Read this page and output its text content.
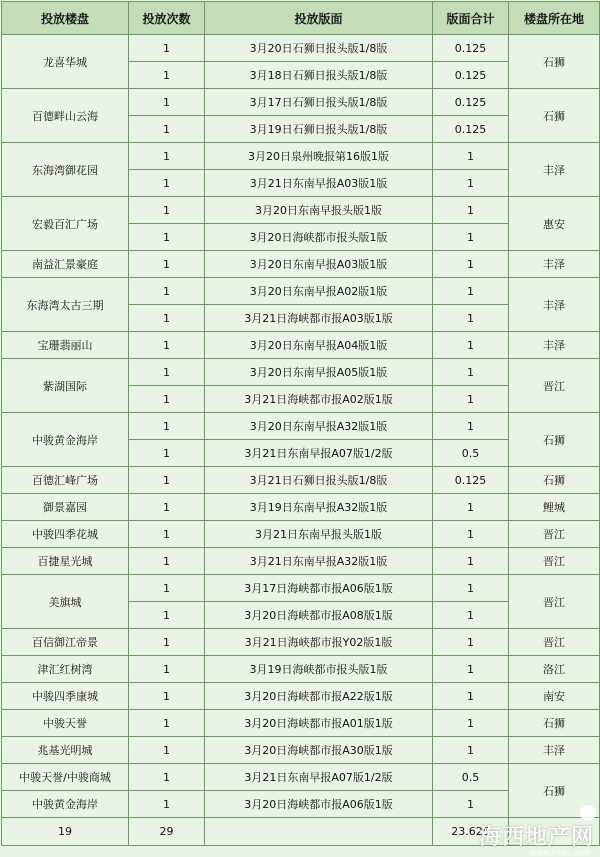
投放楼盘	投放次数	投放版面	版面合计	楼盘所在地
龙喜华城	1	3月20日石狮日报头版1/8版	0.125	石狮
	1	3月18日石狮日报头版1/8版	0.125	
百德畔山云海	1	3月17日石狮日报头版1/8版	0.125	石狮
	1	3月19日石狮日报头版1/8版	0.125	
东海湾御花园	1	3月20日泉州晚报第16版1版	1	丰泽
	1	3月21日东南早报A03版1版	1	
宏毅百汇广场	1	3月20日东南早报头版1版	1	惠安
	1	3月20日海峡都市报头版1版	1	
南益汇景豪庭	1	3月20日东南早报A03版1版	1	丰泽
东海湾太古三期	1	3月20日东南早报A02版1版	1	丰泽
	1	3月21日海峡都市报A03版1版	1	
宝珊翡丽山	1	3月20日东南早报A04版1版	1	丰泽
紫湖国际	1	3月20日东南早报A05版1版	1	晋江
	1	3月21日海峡都市报A02版1版	1	
中骏黄金海岸	1	3月20日东南早报A32版1版	1	石狮
	1	3月21日东南早报A07版1/2版	0.5	
百德汇峰广场	1	3月21日石狮日报头版1/8版	0.125	石狮
御景嘉园	1	3月19日东南早报A32版1版	1	鲤城
中骏四季花城	1	3月21日东南早报头版1版	1	晋江
百捷星光城	1	3月21日东南早报A32版1版	1	晋江
美旗城	1	3月17日海峡都市报A06版1版	1	晋江
	1	3月20日海峡都市报A08版1版	1	
百信御江帝景	1	3月21日海峡都市报Y02版1版	1	晋江
津汇红树湾	1	3月19日海峡都市报头版1版	1	洛江
中骏四季康城	1	3月20日海峡都市报A22版1版	1	南安
中骏天誉	1	3月20日海峡都市报A01版1版	1	石狮
兆基光明城	1	3月20日海峡都市报A30版1版	1	丰泽
中骏天誉/中骏商城	1	3月21日东南早报A07版1/2版	0.5	石狮
中骏黄金海岸	1	3月20日海峡都市报A06版1版	1	
19	29		23.625	
海西地产网
www.hxdc.com
